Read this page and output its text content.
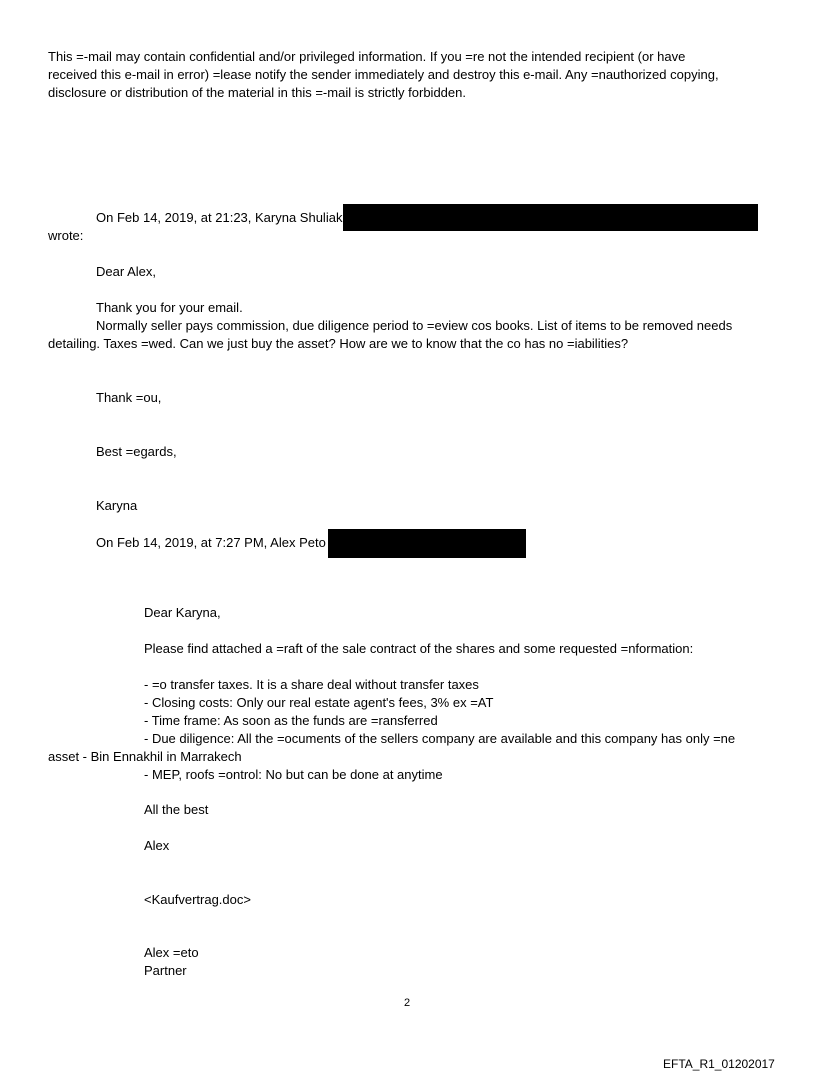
This =-mail may contain confidential and/or privileged information. If you =re not the intended recipient (or have
received this e-mail in error) =lease notify the sender immediately and destroy this e-mail. Any =nauthorized copying,
disclosure or distribution of the material in this =-mail is strictly forbidden.
On Feb 14, 2019, at 21:23, Karyna Shuliak
wrote:
Dear Alex,
Thank you for your email.
Normally seller pays commission, due diligence period to =eview cos books. List of items to be removed needs
detailing. Taxes =wed. Can we just buy the asset? How are we to know that the co has no =iabilities?
Thank =ou,
Best =egards,
Karyna
On Feb 14, 2019, at 7:27 PM, Alex Peto
Dear Karyna,
Please find attached a =raft of the sale contract of the shares and some requested =nformation:
- =o transfer taxes. It is a share deal without transfer taxes
- Closing costs: Only our real estate agent's fees, 3% ex =AT
- Time frame: As soon as the funds are =ransferred
- Due diligence: All the =ocuments of the sellers company are available and this company has only =ne
asset - Bin Ennakhil in Marrakech
- MEP, roofs =ontrol: No but can be done at anytime
All the best
Alex
<Kaufvertrag.doc>
Alex =eto
Partner
2
EFTA_R1_01202017
